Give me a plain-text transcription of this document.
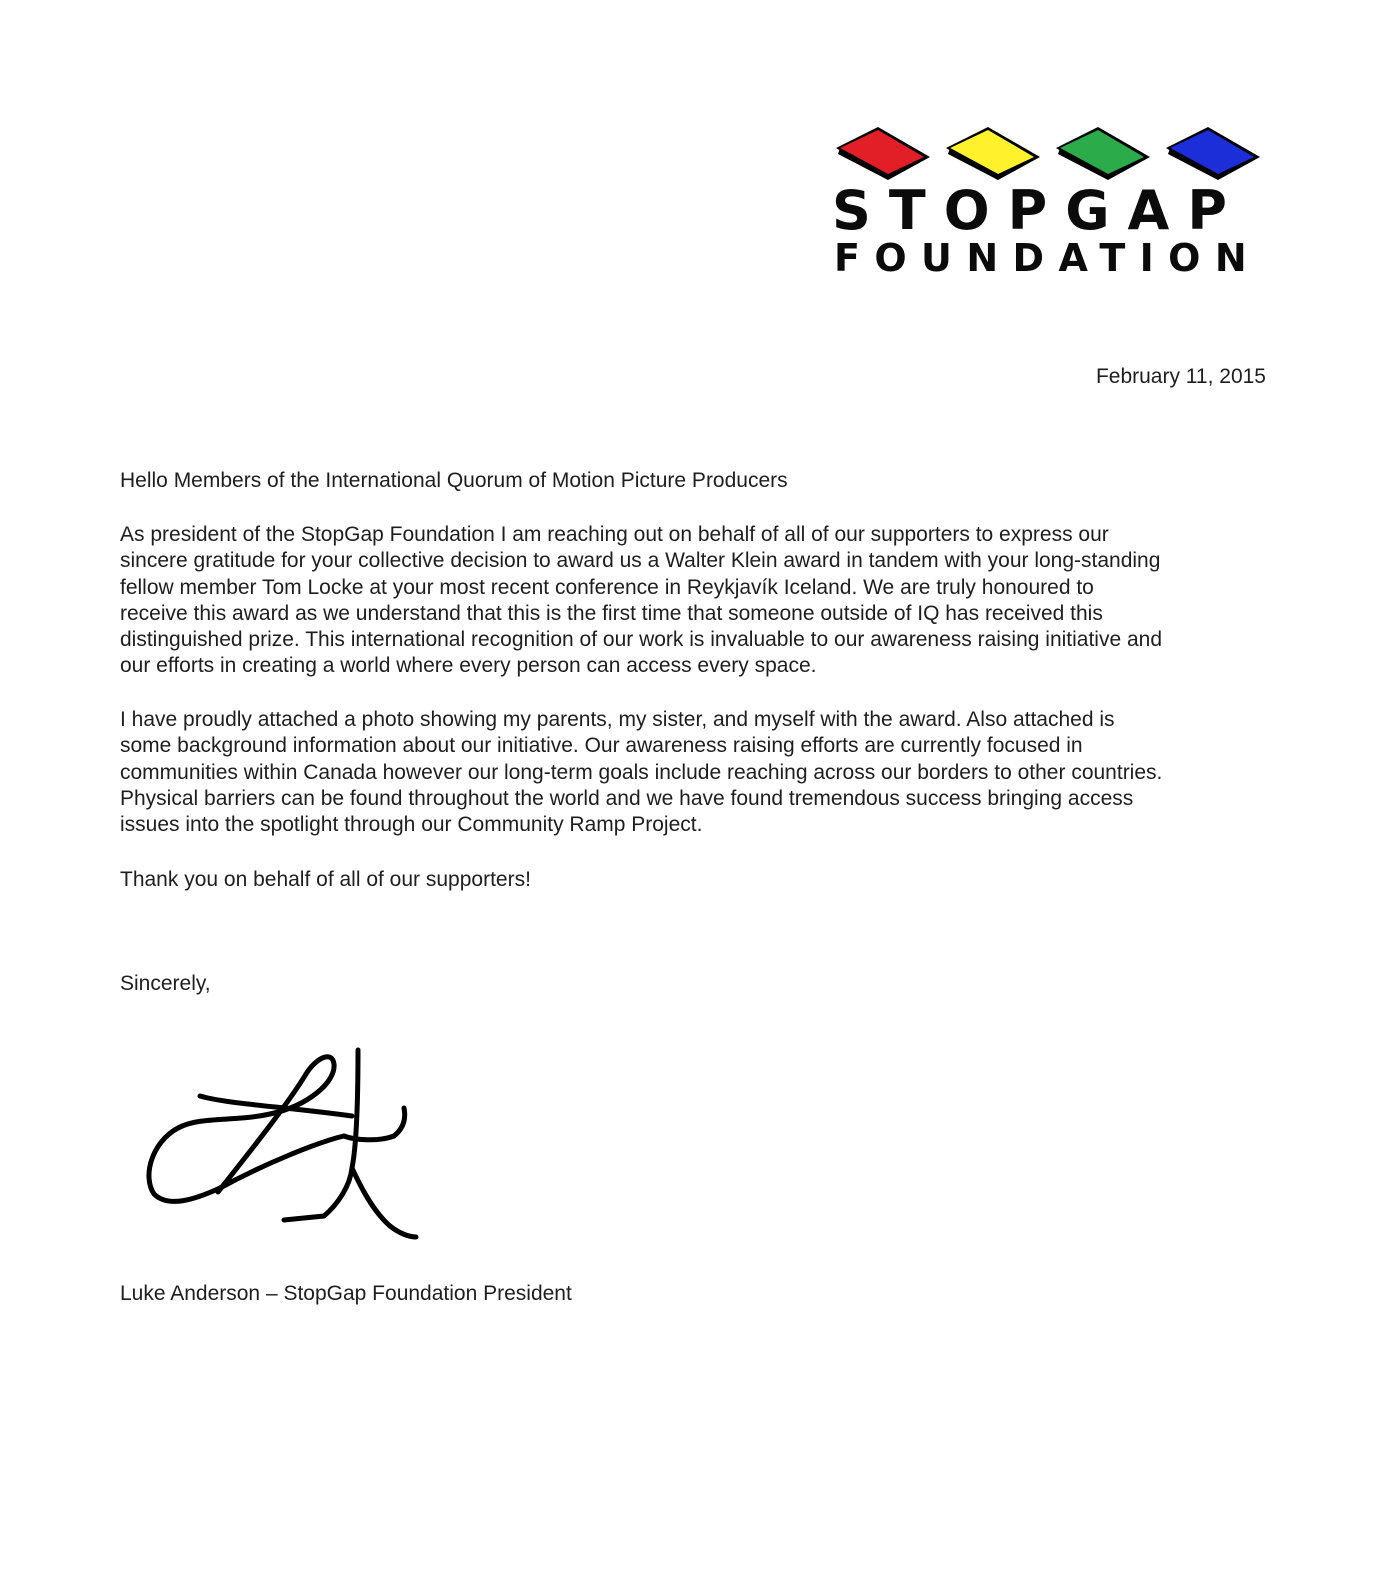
STOPGAP
FOUNDATION
February 11, 2015
Hello Members of the International Quorum of Motion Picture Producers
As president of the StopGap Foundation I am reaching out on behalf of all of our supporters to express our
sincere gratitude for your collective decision to award us a Walter Klein award in tandem with your long-standing
fellow member Tom Locke at your most recent conference in Reykjavík Iceland. We are truly honoured to
receive this award as we understand that this is the first time that someone outside of IQ has received this
distinguished prize. This international recognition of our work is invaluable to our awareness raising initiative and
our efforts in creating a world where every person can access every space.
I have proudly attached a photo showing my parents, my sister, and myself with the award. Also attached is
some background information about our initiative. Our awareness raising efforts are currently focused in
communities within Canada however our long-term goals include reaching across our borders to other countries.
Physical barriers can be found throughout the world and we have found tremendous success bringing access
issues into the spotlight through our Community Ramp Project.
Thank you on behalf of all of our supporters!
Sincerely,
Luke Anderson – StopGap Foundation President
